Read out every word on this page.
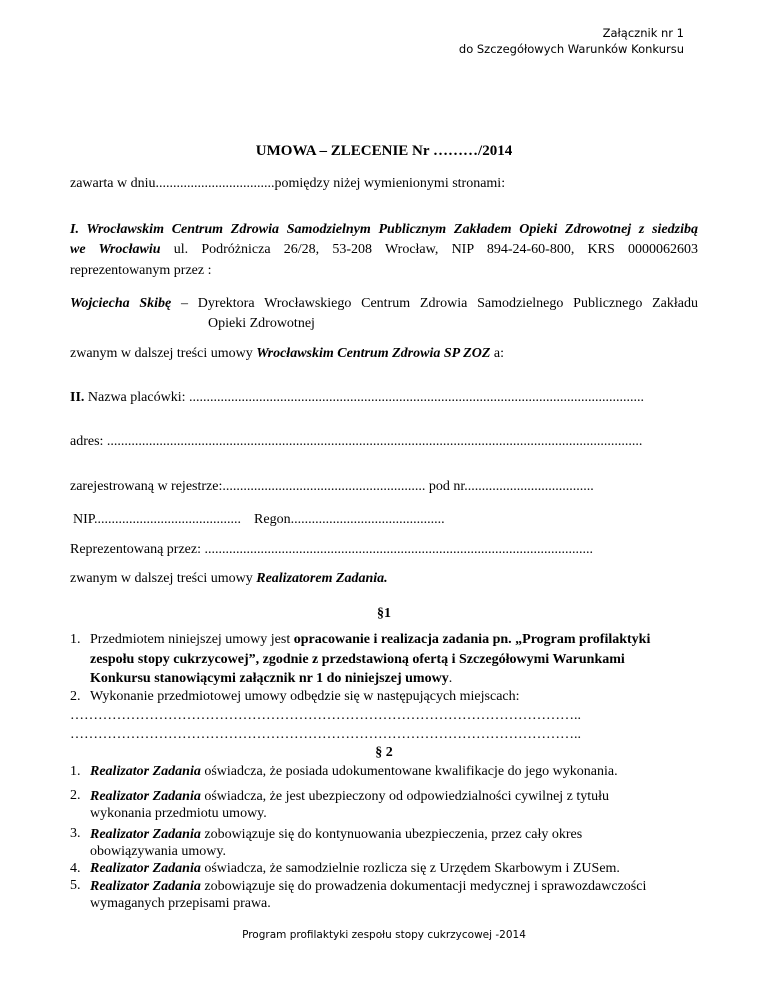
Załącznik nr 1
do Szczegółowych Warunków Konkursu
UMOWA – ZLECENIE Nr ………/2014
zawarta w dniu..................................pomiędzy niżej wymienionymi stronami:
I. Wrocławskim Centrum Zdrowia Samodzielnym Publicznym Zakładem Opieki Zdrowotnej z siedzibą
we Wrocławiu ul. Podróżnicza 26/28, 53-208 Wrocław, NIP 894-24-60-800, KRS 0000062603
reprezentowanym przez :
Wojciecha Skibę – Dyrektora Wrocławskiego Centrum Zdrowia Samodzielnego Publicznego Zakładu
Opieki Zdrowotnej
zwanym w dalszej treści umowy Wrocławskim Centrum Zdrowia SP ZOZ a:
II. Nazwa placówki: ..................................................................................................................................
adres: .........................................................................................................................................................
zarejestrowaną w rejestrze:.......................................................... pod nr.....................................
NIP.......................................... Regon............................................
Reprezentowaną przez: ...............................................................................................................
zwanym w dalszej treści umowy Realizatorem Zadania.
§1
1. Przedmiotem niniejszej umowy jest opracowanie i realizacja zadania pn. „Program profilaktyki
zespołu stopy cukrzycowej”, zgodnie z przedstawioną ofertą i Szczegółowymi Warunkami
Konkursu stanowiącymi załącznik nr 1 do niniejszej umowy.
2. Wykonanie przedmiotowej umowy odbędzie się w następujących miejscach:
………………………………………………………………………………………………..
………………………………………………………………………………………………..
§ 2
1. Realizator Zadania oświadcza, że posiada udokumentowane kwalifikacje do jego wykonania.
2. Realizator Zadania oświadcza, że jest ubezpieczony od odpowiedzialności cywilnej z tytułu wykonania przedmiotu umowy.
3. Realizator Zadania zobowiązuje się do kontynuowania ubezpieczenia, przez cały okres obowiązywania umowy.
4. Realizator Zadania oświadcza, że samodzielnie rozlicza się z Urzędem Skarbowym i ZUSem.
5. Realizator Zadania zobowiązuje się do prowadzenia dokumentacji medycznej i sprawozdawczości wymaganych przepisami prawa.
Program profilaktyki zespołu stopy cukrzycowej -2014
